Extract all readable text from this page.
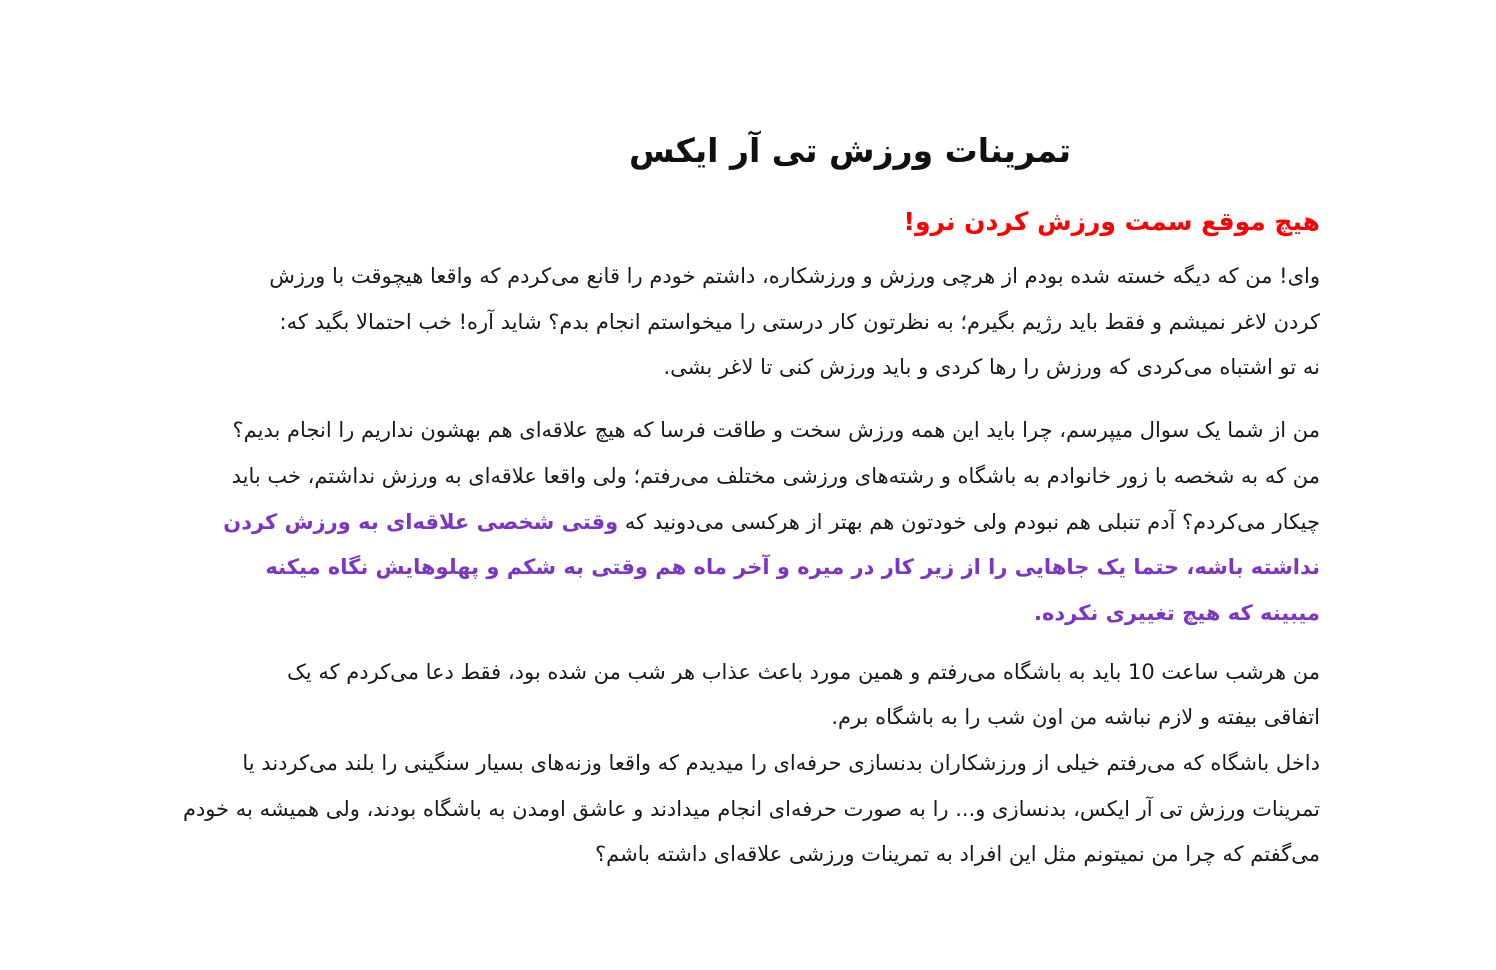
تمرینات ورزش تی آر ایکس
هیچ موقع سمت ورزش کردن نرو!

وای! من که دیگه خسته شده بودم از هرچی ورزش و ورزشکاره، داشتم خودم را قانع می‌کردم که واقعا هیچوقت با ورزش کردن لاغر نمیشم و فقط باید رژیم بگیرم؛ به نظرتون کار درستی را میخواستم انجام بدم؟ شاید آره! خب احتمالا بگید که: نه تو اشتباه می‌کردی که ورزش را رها کردی و باید ورزش کنی تا لاغر بشی.

من از شما یک سوال میپرسم، چرا باید این همه ورزش سخت و طاقت فرسا که هیچ علاقه‌ای هم بهشون نداریم را انجام بدیم؟ من که به شخصه با زور خانوادم به باشگاه و رشته‌های ورزشی مختلف می‌رفتم؛ ولی واقعا علاقه‌ای به ورزش نداشتم، خب باید چیکار می‌کردم؟ آدم تنبلی هم نبودم ولی خودتون هم بهتر از هرکسی می‌دونید که وقتی شخصی علاقه‌ای به ورزش کردن نداشته باشه، حتما یک جاهایی را از زیر کار در میره و آخر ماه هم وقتی به شکم و پهلوهایش نگاه میکنه میبینه که هیچ تغییری نکرده.

من هرشب ساعت 10 باید به باشگاه می‌رفتم و همین مورد باعث عذاب هر شب من شده بود، فقط دعا می‌کردم که یک اتفاقی بیفته و لازم نباشه من اون شب را به باشگاه برم.

داخل باشگاه که می‌رفتم خیلی از ورزشکاران بدنسازی حرفه‌ای را میدیدم که واقعا وزنه‌های بسیار سنگینی را بلند می‌کردند یا تمرینات ورزش تی آر ایکس، بدنسازی و... را به صورت حرفه‌ای انجام میدادند و عاشق اومدن به باشگاه بودند، ولی همیشه به خودم می‌گفتم که چرا من نمیتونم مثل این افراد به تمرینات ورزشی علاقه‌ای داشته باشم؟
